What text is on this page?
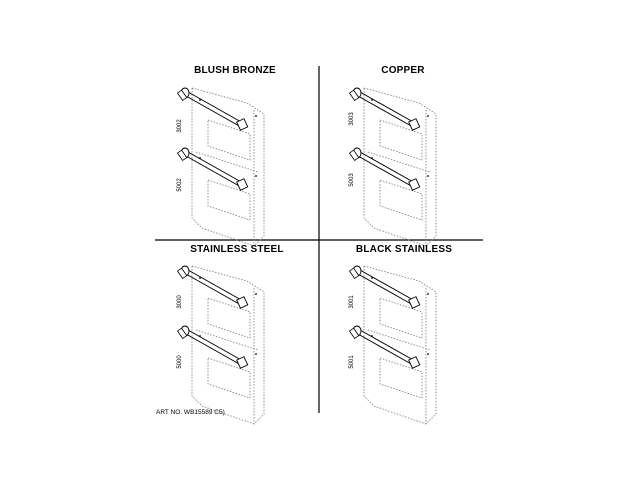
BLUSH BRONZE	COPPER
STAINLESS STEEL	BLACK STAINLESS
3002
5002
3003
5003
3000
5000
3001
5001
ART NO. WB15589 C5)
